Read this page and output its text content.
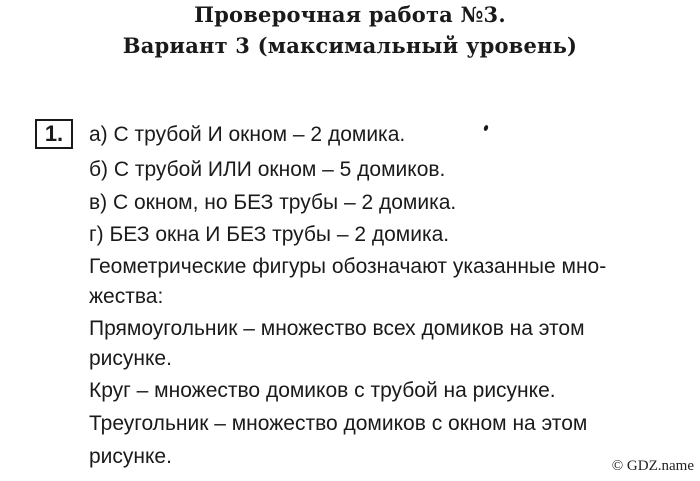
Проверочная работа №3.
Вариант 3 (максимальный уровень)
1.	а) С трубой И окном – 2 домика.
б) С трубой ИЛИ окном – 5 домиков.
в) С окном, но БЕЗ трубы – 2 домика.
г) БЕЗ окна И БЕЗ трубы – 2 домика.
Геометрические фигуры обозначают указанные мно-
жества:
Прямоугольник – множество всех домиков на этом
рисунке.
Круг – множество домиков с трубой на рисунке.
Треугольник – множество домиков с окном на этом
рисунке.	© GDZ.name
